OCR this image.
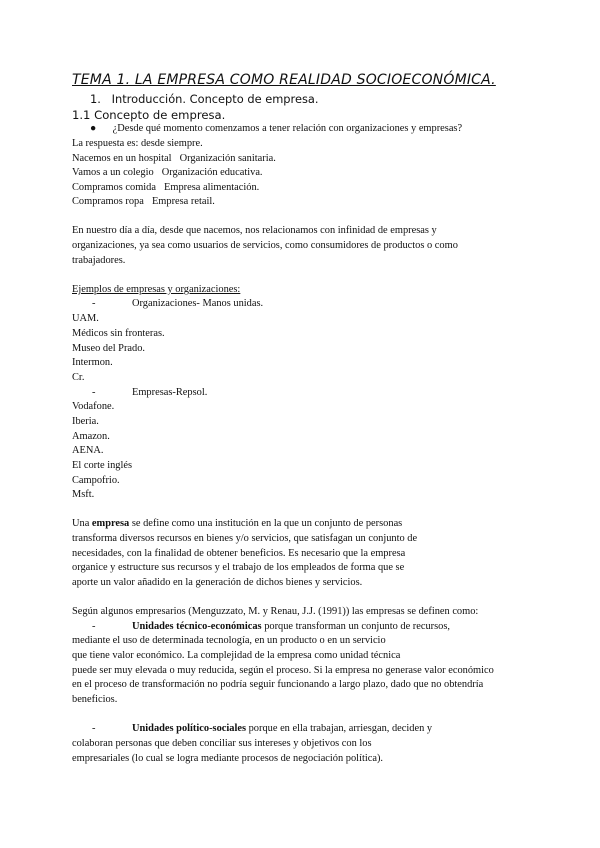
TEMA 1. LA EMPRESA COMO REALIDAD SOCIOECONÓMICA.
1. Introducción. Concepto de empresa.
1.1 Concepto de empresa.
● ¿Desde qué momento comenzamos a tener relación con organizaciones y empresas?
La respuesta es: desde siempre.
Nacemos en un hospital Organización sanitaria.
Vamos a un colegio Organización educativa.
Compramos comida Empresa alimentación.
Compramos ropa Empresa retail.
En nuestro día a día, desde que nacemos, nos relacionamos con infinidad de empresas y
organizaciones, ya sea como usuarios de servicios, como consumidores de productos o como
trabajadores.
Ejemplos de empresas y organizaciones:
-	Organizaciones- Manos unidas.
UAM.
Médicos sin fronteras.
Museo del Prado.
Intermon.
Cr.
-	Empresas-Repsol.
Vodafone.
Iberia.
Amazon.
AENA.
El corte inglés
Campofrio.
Msft.
Una empresa se define como una institución en la que un conjunto de personas
transforma diversos recursos en bienes y/o servicios, que satisfagan un conjunto de
necesidades, con la finalidad de obtener beneficios. Es necesario que la empresa
organice y estructure sus recursos y el trabajo de los empleados de forma que se
aporte un valor añadido en la generación de dichos bienes y servicios.
Según algunos empresarios (Menguzzato, M. y Renau, J.J. (1991)) las empresas se definen como:
-	Unidades técnico-económicas porque transforman un conjunto de recursos,
mediante el uso de determinada tecnología, en un producto o en un servicio
que tiene valor económico. La complejidad de la empresa como unidad técnica
puede ser muy elevada o muy reducida, según el proceso. Si la empresa no generase valor económico
en el proceso de transformación no podría seguir funcionando a largo plazo, dado que no obtendría
beneficios.
-	Unidades político-sociales porque en ella trabajan, arriesgan, deciden y
colaboran personas que deben conciliar sus intereses y objetivos con los
empresariales (lo cual se logra mediante procesos de negociación política).
